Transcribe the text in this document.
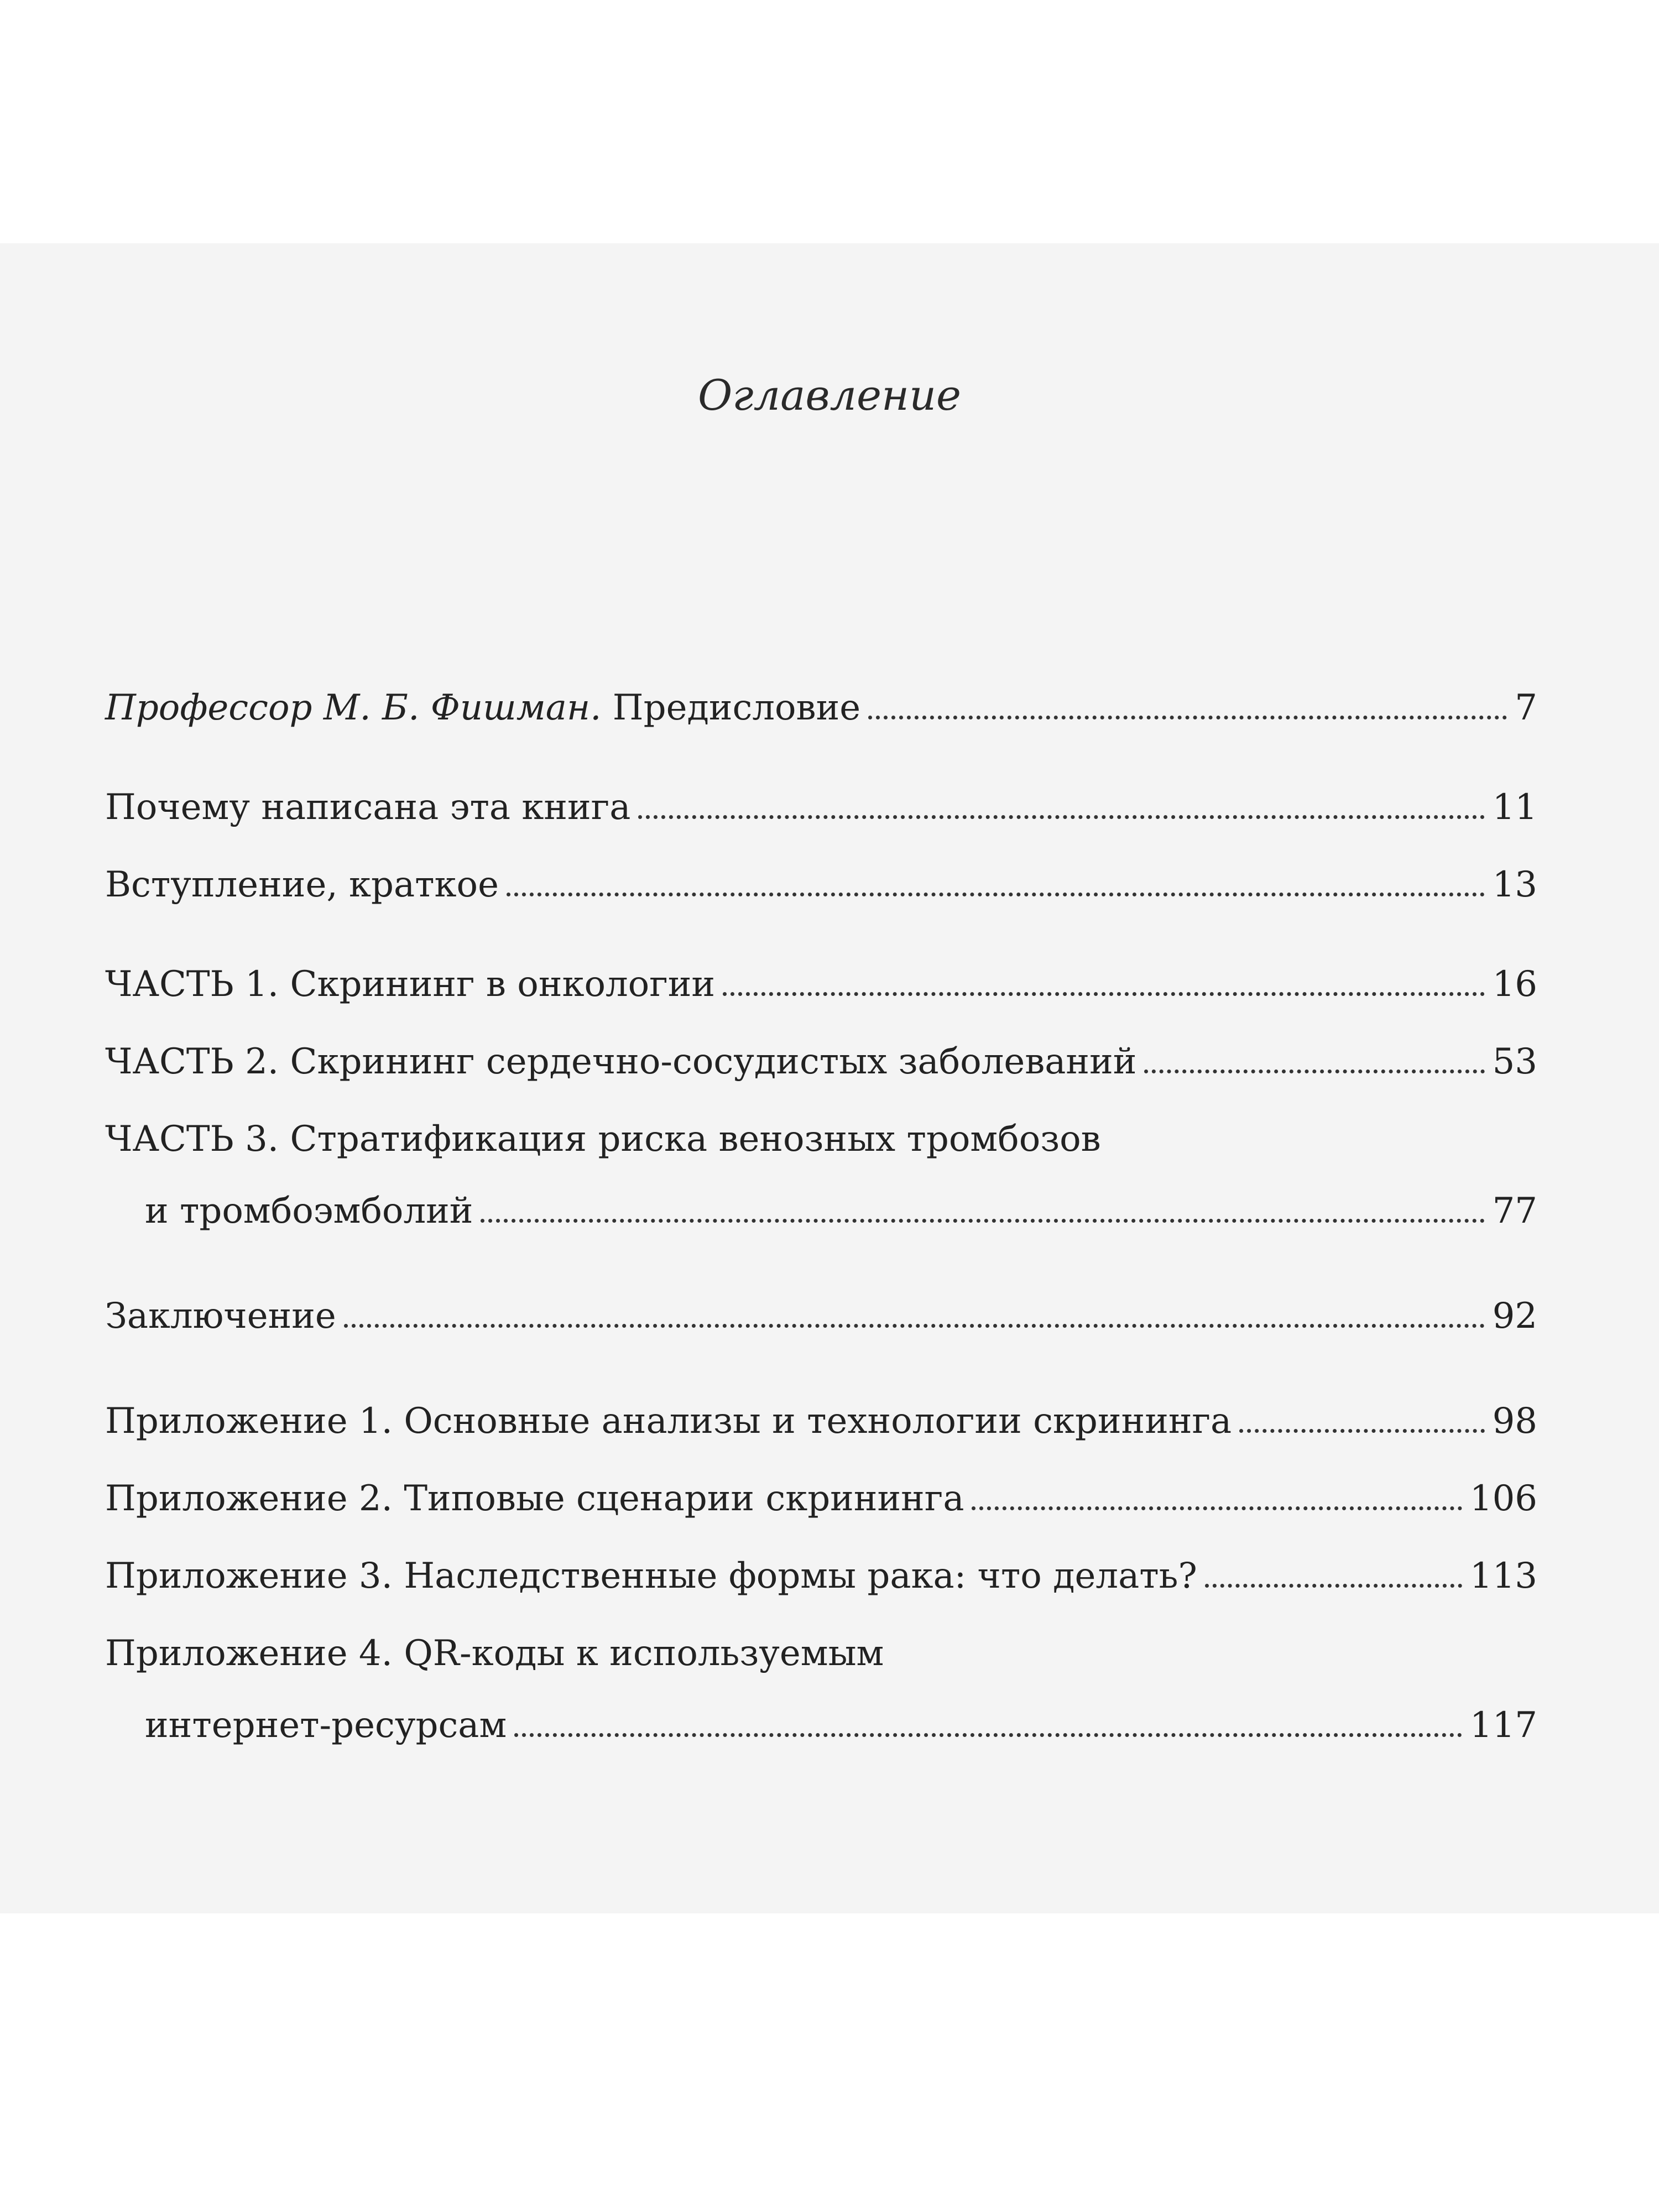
Оглавление
Профессор М. Б. Фишман. Предисловие	7
Почему написана эта книга	11
Вступление, краткое	13
ЧАСТЬ 1. Скрининг в онкологии	16
ЧАСТЬ 2. Скрининг сердечно-сосудистых заболеваний	53
ЧАСТЬ 3. Стратификация риска венозных тромбозов
и тромбоэмболий	77
Заключение	92
Приложение 1. Основные анализы и технологии скрининга	98
Приложение 2. Типовые сценарии скрининга	106
Приложение 3. Наследственные формы рака: что делать?	113
Приложение 4. QR-коды к используемым
интернет-ресурсам	117
